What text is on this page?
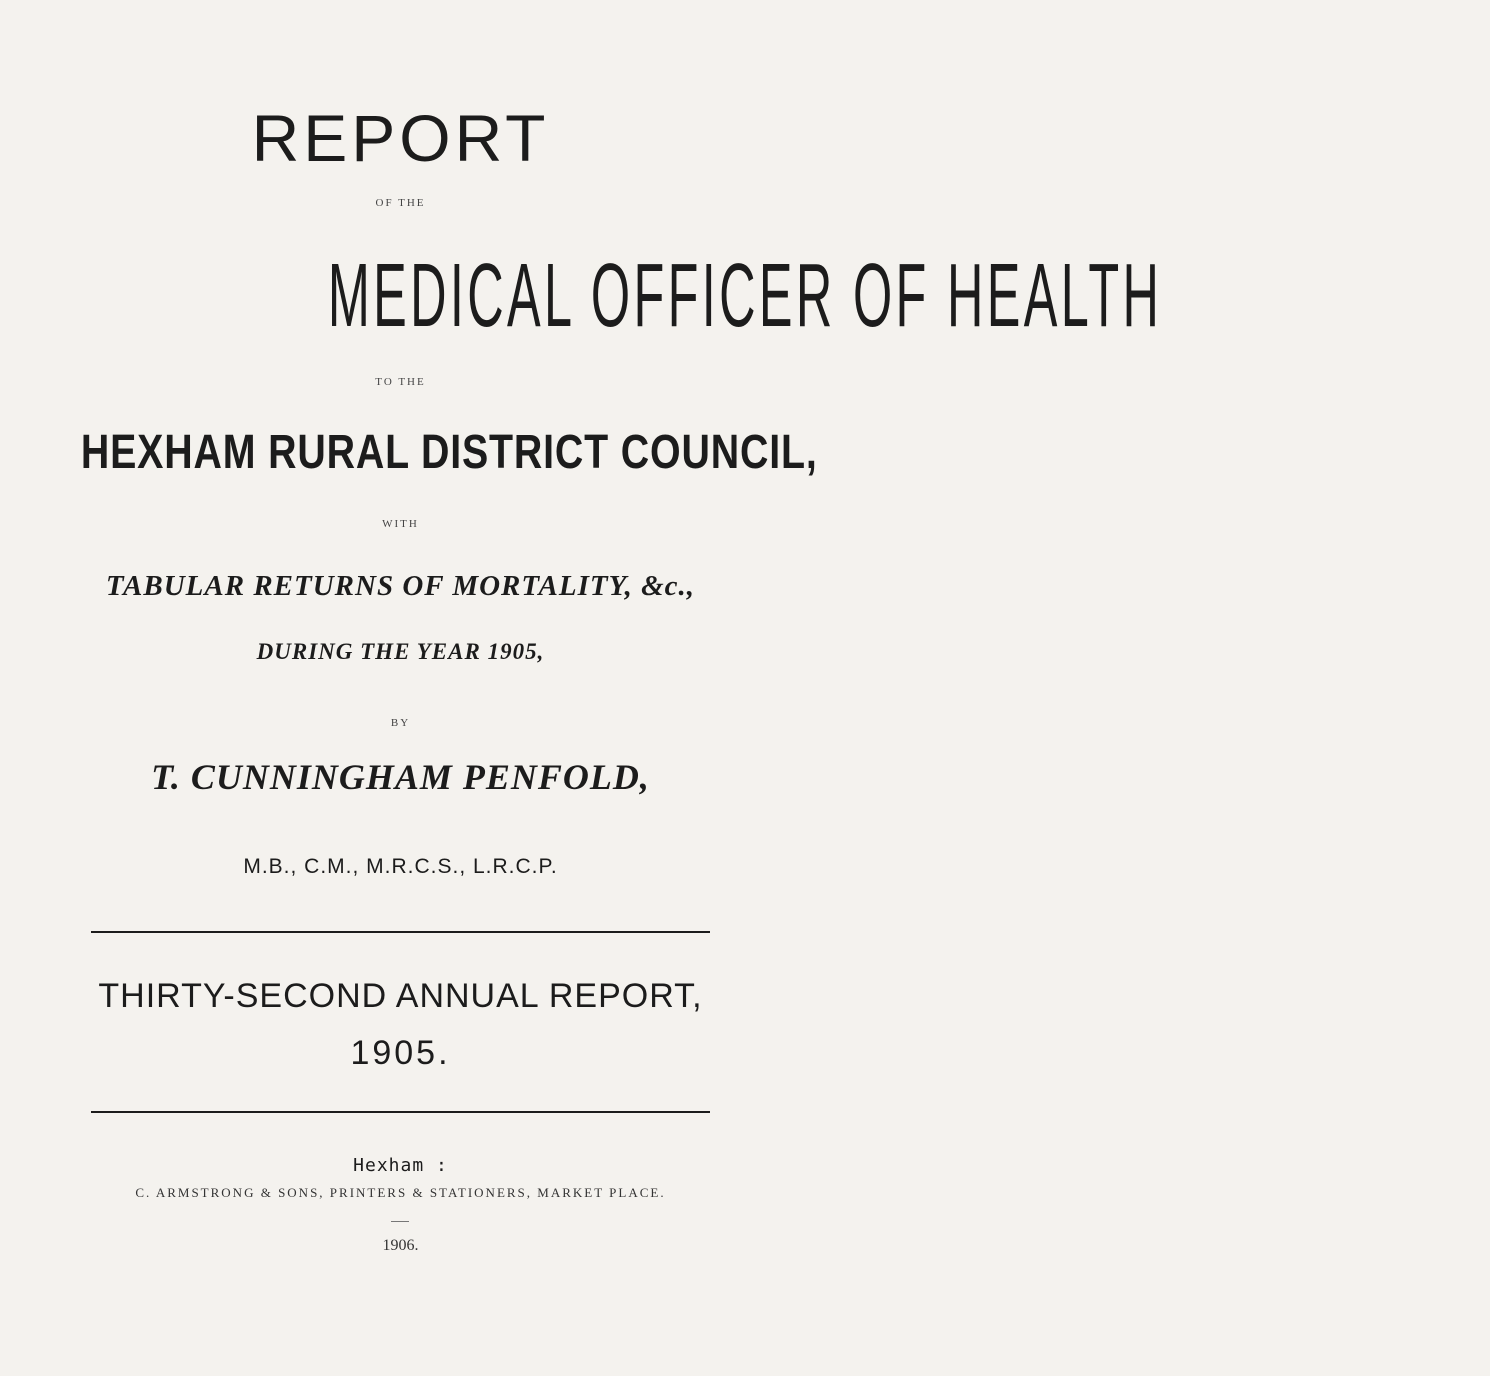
REPORT
OF THE
MEDICAL OFFICER OF HEALTH
TO THE
HEXHAM RURAL DISTRICT COUNCIL,
WITH
TABULAR RETURNS OF MORTALITY, &c.,
DURING THE YEAR 1905,
BY
T. CUNNINGHAM PENFOLD,
M.B., C.M., M.R.C.S., L.R.C.P.
THIRTY-SECOND ANNUAL REPORT,
1905.
Hexham :
C. ARMSTRONG & SONS, PRINTERS & STATIONERS, MARKET PLACE.
1906.
